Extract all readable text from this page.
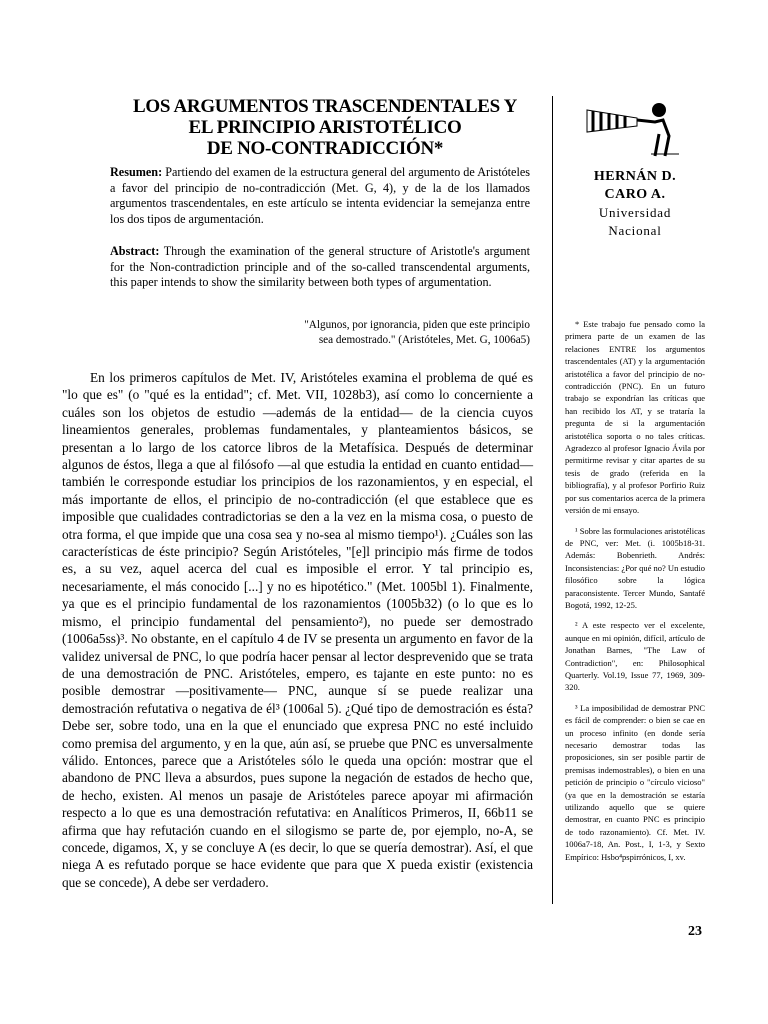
LOS ARGUMENTOS TRASCENDENTALES Y
EL PRINCIPIO ARISTOTÉLICO
DE NO-CONTRADICCIÓN*
Resumen: Partiendo del examen de la estructura general del argumento de Aristóteles a favor del principio de no-contradicción (Met. G, 4), y de la de los llamados argumentos trascendentales, en este artículo se intenta evidenciar la semejanza entre los dos tipos de argumentación.
Abstract: Through the examination of the general structure of Aristotle's argument for the Non-contradiction principle and of the so-called transcendental arguments, this paper intends to show the similarity between both types of argumentation.
"Algunos, por ignorancia, piden que este principio
sea demostrado." (Aristóteles, Met. G, 1006a5)

En los primeros capítulos de Met. IV, Aristóteles examina el problema de qué es "lo que es" (o "qué es la entidad"; cf. Met. VII, 1028b3), así como lo concerniente a cuáles son los objetos de estudio —además de la entidad— de la ciencia cuyos lineamientos generales, problemas fundamentales, y planteamientos básicos, se presentan a lo largo de los catorce libros de la Metafísica. Después de determinar algunos de éstos, llega a que al filósofo —al que estudia la entidad en cuanto entidad— también le corresponde estudiar los principios de los razonamientos, y en especial, el más importante de ellos, el principio de no-contradicción (el que establece que es imposible que cualidades contradictorias se den a la vez en la misma cosa, o puesto de otra forma, el que impide que una cosa sea y no-sea al mismo tiempo¹). ¿Cuáles son las características de éste principio? Según Aristóteles, "[e]l principio más firme de todos es, a su vez, aquel acerca del cual es imposible el error. Y tal principio es, necesariamente, el más conocido [...] y no es hipotético." (Met. 1005bl 1). Finalmente, ya que es el principio fundamental de los razonamientos (1005b32) (o lo que es lo mismo, el principio fundamental del pensamiento²), no puede ser demostrado (1006a5ss)³. No obstante, en el capítulo 4 de IV se presenta un argumento en favor de la validez universal de PNC, lo que podría hacer pensar al lector desprevenido que se trata de una demostración de PNC. Aristóteles, empero, es tajante en este punto: no es posible demostrar —positivamente— PNC, aunque sí se puede realizar una demostración refutativa o negativa de él³ (1006al 5). ¿Qué tipo de demostración es ésta? Debe ser, sobre todo, una en la que el enunciado que expresa PNC no esté incluido como premisa del argumento, y en la que, aún así, se pruebe que PNC es unversalmente válido. Entonces, parece que a Aristóteles sólo le queda una opción: mostrar que el abandono de PNC lleva a absurdos, pues supone la negación de estados de hecho que, de hecho, existen. Al menos un pasaje de Aristóteles parece apoyar mi afirmación respecto a lo que es una demostración refutativa: en Analíticos Primeros, II, 66b11 se afirma que hay refutación cuando en el silogismo se parte de, por ejemplo, no-A, se concede, digamos, X, y se concluye A (es decir, lo que se quería demostrar). Así, el que niega A es refutado porque se hace evidente que para que X pueda existir (existencia que se concede), A debe ser verdadero.

HERNÁN D.
CARO A.
Universidad
Nacional

* Este trabajo fue pensado como la primera parte de un examen de las relaciones ENTRE los argumentos trascendentales (AT) y la argumentación aristotélica a favor del principio de no-contradicción (PNC). En un futuro trabajo se expondrían las críticas que han recibido los AT, y se trataría la pregunta de si la argumentación aristotélica soporta o no tales críticas. Agradezco al profesor Ignacio Ávila por permitirme revisar y citar apartes de su tesis de grado (referida en la bibliografía), y al profesor Porfirio Ruiz por sus comentarios acerca de la primera versión de mi ensayo.

¹ Sobre las formulaciones aristotélicas de PNC, ver: Met. (i. 1005b18-31. Además: Bobenrieth. Andrés: Inconsistencias: ¿Por qué no? Un estudio filosófico sobre la lógica paraconsistente. Tercer Mundo, Santafé Bogotá, 1992, 12-25.

² A este respecto ver el excelente, aunque en mi opinión, difícil, artículo de Jonathan Barnes, "The Law of Contradiction", en: Philosophical Quarterly. Vol.19, Issue 77, 1969, 309-320.

³ La imposibilidad de demostrar PNC es fácil de comprender: o bien se cae en un proceso infinito (en donde sería necesario demostrar todas las proposiciones, sin ser posible partir de premisas indemostrables), o bien en una petición de principio o "círculo vicioso" (ya que en la demostración se estaría utilizando aquello que se quiere demostrar, en cuanto PNC es principio de todo razonamiento). Cf. Met. IV. 1006a7-18, An. Post., I, 1-3, y Sexto Empírico: Hsbo⁴pspirrónicos, I, xv.

23
